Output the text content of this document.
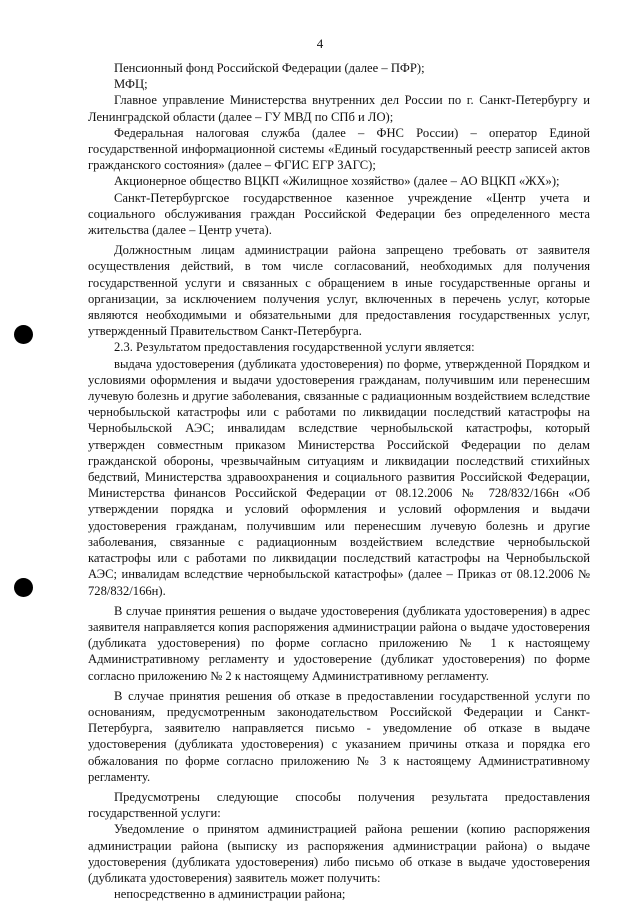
4

Пенсионный фонд Российской Федерации (далее – ПФР);

МФЦ;

Главное управление Министерства внутренних дел России по г. Санкт-Петербургу и Ленинградской области (далее – ГУ МВД по СПб и ЛО);

Федеральная налоговая служба (далее – ФНС России) – оператор Единой государственной информационной системы «Единый государственный реестр записей актов гражданского состояния» (далее – ФГИС ЕГР ЗАГС);

Акционерное общество ВЦКП «Жилищное хозяйство» (далее – АО ВЦКП «ЖХ»);

Санкт-Петербургское государственное казенное учреждение «Центр учета и социального обслуживания граждан Российской Федерации без определенного места жительства (далее – Центр учета).

Должностным лицам администрации района запрещено требовать от заявителя осуществления действий, в том числе согласований, необходимых для получения государственной услуги и связанных с обращением в иные государственные органы и организации, за исключением получения услуг, включенных в перечень услуг, которые являются необходимыми и обязательными для предоставления государственных услуг, утвержденный Правительством Санкт-Петербурга.

2.3. Результатом предоставления государственной услуги является:

выдача удостоверения (дубликата удостоверения) по форме, утвержденной Порядком и условиями оформления и выдачи удостоверения гражданам, получившим или перенесшим лучевую болезнь и другие заболевания, связанные с радиационным воздействием вследствие чернобыльской катастрофы или с работами по ликвидации последствий катастрофы на Чернобыльской АЭС; инвалидам вследствие чернобыльской катастрофы, который утвержден совместным приказом Министерства Российской Федерации по делам гражданской обороны, чрезвычайным ситуациям и ликвидации последствий стихийных бедствий, Министерства здравоохранения и социального развития Российской Федерации, Министерства финансов Российской Федерации от 08.12.2006 № 728/832/166н «Об утверждении порядка и условий оформления и условий оформления и выдачи удостоверения гражданам, получившим или перенесшим лучевую болезнь и другие заболевания, связанные с радиационным воздействием вследствие чернобыльской катастрофы или с работами по ликвидации последствий катастрофы на Чернобыльской АЭС; инвалидам вследствие чернобыльской катастрофы» (далее – Приказ от 08.12.2006 № 728/832/166н).

В случае принятия решения о выдаче удостоверения (дубликата удостоверения) в адрес заявителя направляется копия распоряжения администрации района о выдаче удостоверения (дубликата удостоверения) по форме согласно приложению № 1 к настоящему Административному регламенту и удостоверение (дубликат удостоверения) по форме согласно приложению № 2 к настоящему Административному регламенту.

В случае принятия решения об отказе в предоставлении государственной услуги по основаниям, предусмотренным законодательством Российской Федерации и Санкт-Петербурга, заявителю направляется письмо - уведомление об отказе в выдаче удостоверения (дубликата удостоверения) с указанием причины отказа и порядка его обжалования по форме согласно приложению № 3 к настоящему Административному регламенту.

Предусмотрены следующие способы получения результата предоставления государственной услуги:

Уведомление о принятом администрацией района решении (копию распоряжения администрации района (выписку из распоряжения администрации района) о выдаче удостоверения (дубликата удостоверения) либо письмо об отказе в выдаче удостоверения (дубликата удостоверения) заявитель может получить:

непосредственно в администрации района;
